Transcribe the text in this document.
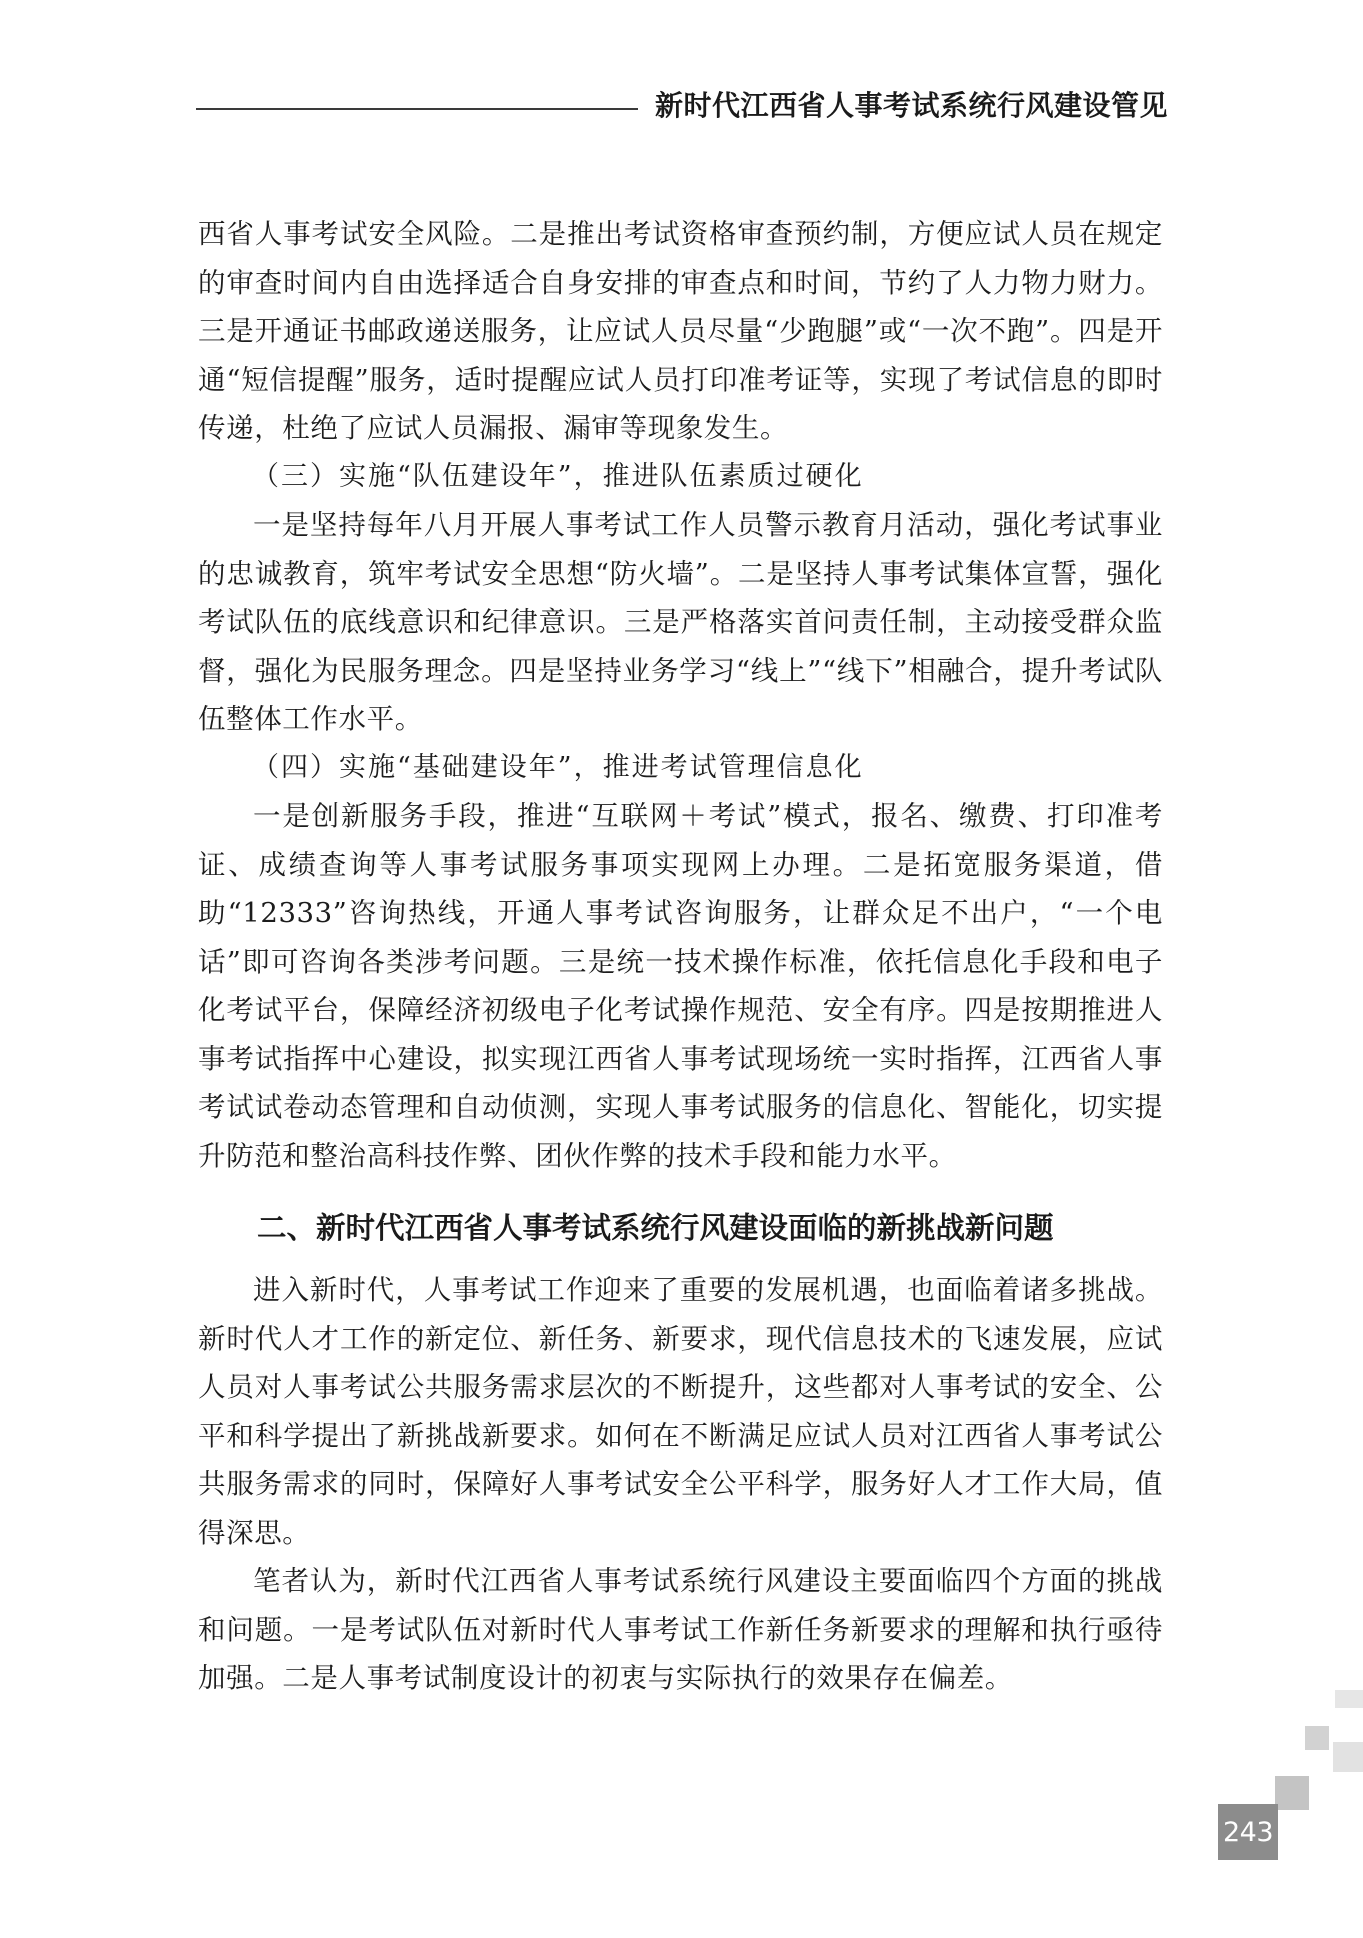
新时代江西省人事考试系统行风建设管见

西省人事考试安全风险。二是推出考试资格审查预约制，方便应试人员在规定的审查时间内自由选择适合自身安排的审查点和时间，节约了人力物力财力。三是开通证书邮政递送服务，让应试人员尽量“少跑腿”或“一次不跑”。四是开通“短信提醒”服务，适时提醒应试人员打印准考证等，实现了考试信息的即时传递，杜绝了应试人员漏报、漏审等现象发生。

（三）实施“队伍建设年”，推进队伍素质过硬化

一是坚持每年八月开展人事考试工作人员警示教育月活动，强化考试事业的忠诚教育，筑牢考试安全思想“防火墙”。二是坚持人事考试集体宣誓，强化考试队伍的底线意识和纪律意识。三是严格落实首问责任制，主动接受群众监督，强化为民服务理念。四是坚持业务学习“线上”“线下”相融合，提升考试队伍整体工作水平。

（四）实施“基础建设年”，推进考试管理信息化

一是创新服务手段，推进“互联网＋考试”模式，报名、缴费、打印准考证、成绩查询等人事考试服务事项实现网上办理。二是拓宽服务渠道，借助“12333”咨询热线，开通人事考试咨询服务，让群众足不出户，“一个电话”即可咨询各类涉考问题。三是统一技术操作标准，依托信息化手段和电子化考试平台，保障经济初级电子化考试操作规范、安全有序。四是按期推进人事考试指挥中心建设，拟实现江西省人事考试现场统一实时指挥，江西省人事考试试卷动态管理和自动侦测，实现人事考试服务的信息化、智能化，切实提升防范和整治高科技作弊、团伙作弊的技术手段和能力水平。

二、新时代江西省人事考试系统行风建设面临的新挑战新问题

进入新时代，人事考试工作迎来了重要的发展机遇，也面临着诸多挑战。新时代人才工作的新定位、新任务、新要求，现代信息技术的飞速发展，应试人员对人事考试公共服务需求层次的不断提升，这些都对人事考试的安全、公平和科学提出了新挑战新要求。如何在不断满足应试人员对江西省人事考试公共服务需求的同时，保障好人事考试安全公平科学，服务好人才工作大局，值得深思。

笔者认为，新时代江西省人事考试系统行风建设主要面临四个方面的挑战和问题。一是考试队伍对新时代人事考试工作新任务新要求的理解和执行亟待加强。二是人事考试制度设计的初衷与实际执行的效果存在偏差。

243
